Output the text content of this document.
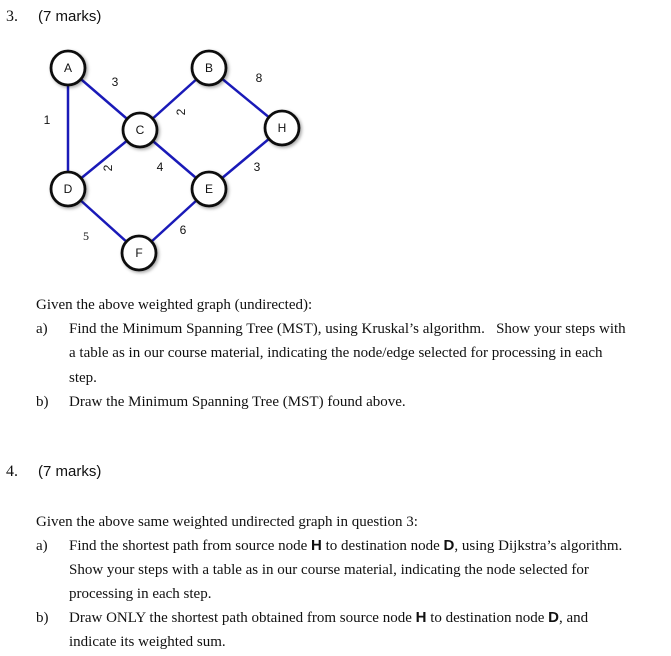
3. (7 marks)
A	B
C	H
D	E
F
3
1
2
8
2	4	3
5	6
Given the above weighted graph (undirected):
a) Find the Minimum Spanning Tree (MST), using Kruskal’s algorithm.   Show your steps with
a table as in our course material, indicating the node/edge selected for processing in each
step.
b) Draw the Minimum Spanning Tree (MST) found above.
4. (7 marks)
Given the above same weighted undirected graph in question 3:
a) Find the shortest path from source node H to destination node D, using Dijkstra’s algorithm.
Show your steps with a table as in our course material, indicating the node selected for
processing in each step.
b) Draw ONLY the shortest path obtained from source node H to destination node D, and
indicate its weighted sum.
